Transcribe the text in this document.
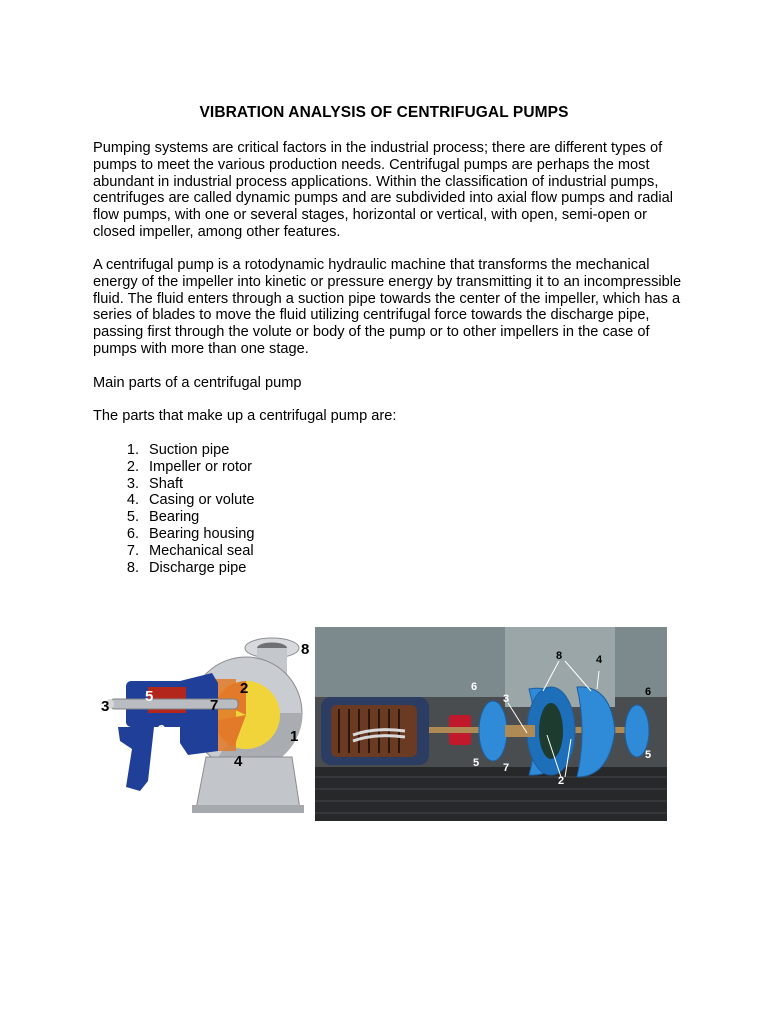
VIBRATION ANALYSIS OF CENTRIFUGAL PUMPS

Pumping systems are critical factors in the industrial process; there are different types of pumps to meet the various production needs. Centrifugal pumps are perhaps the most abundant in industrial process applications. Within the classification of industrial pumps, centrifuges are called dynamic pumps and are subdivided into axial flow pumps and radial flow pumps, with one or several stages, horizontal or vertical, with open, semi-open or closed impeller, among other features.

A centrifugal pump is a rotodynamic hydraulic machine that transforms the mechanical energy of the impeller into kinetic or pressure energy by transmitting it to an incompressible fluid. The fluid enters through a suction pipe towards the center of the impeller, which has a series of blades to move the fluid utilizing centrifugal force towards the discharge pipe, passing first through the volute or body of the pump or to other impellers in the case of pumps with more than one stage.

Main parts of a centrifugal pump

The parts that make up a centrifugal pump are:

1. Suction pipe
2. Impeller or rotor
3. Shaft
4. Casing or volute
5. Bearing
6. Bearing housing
7. Mechanical seal
8. Discharge pipe
8
1
2
3
4
5
6
7
8	4
3
6	6
5
5
7
2
